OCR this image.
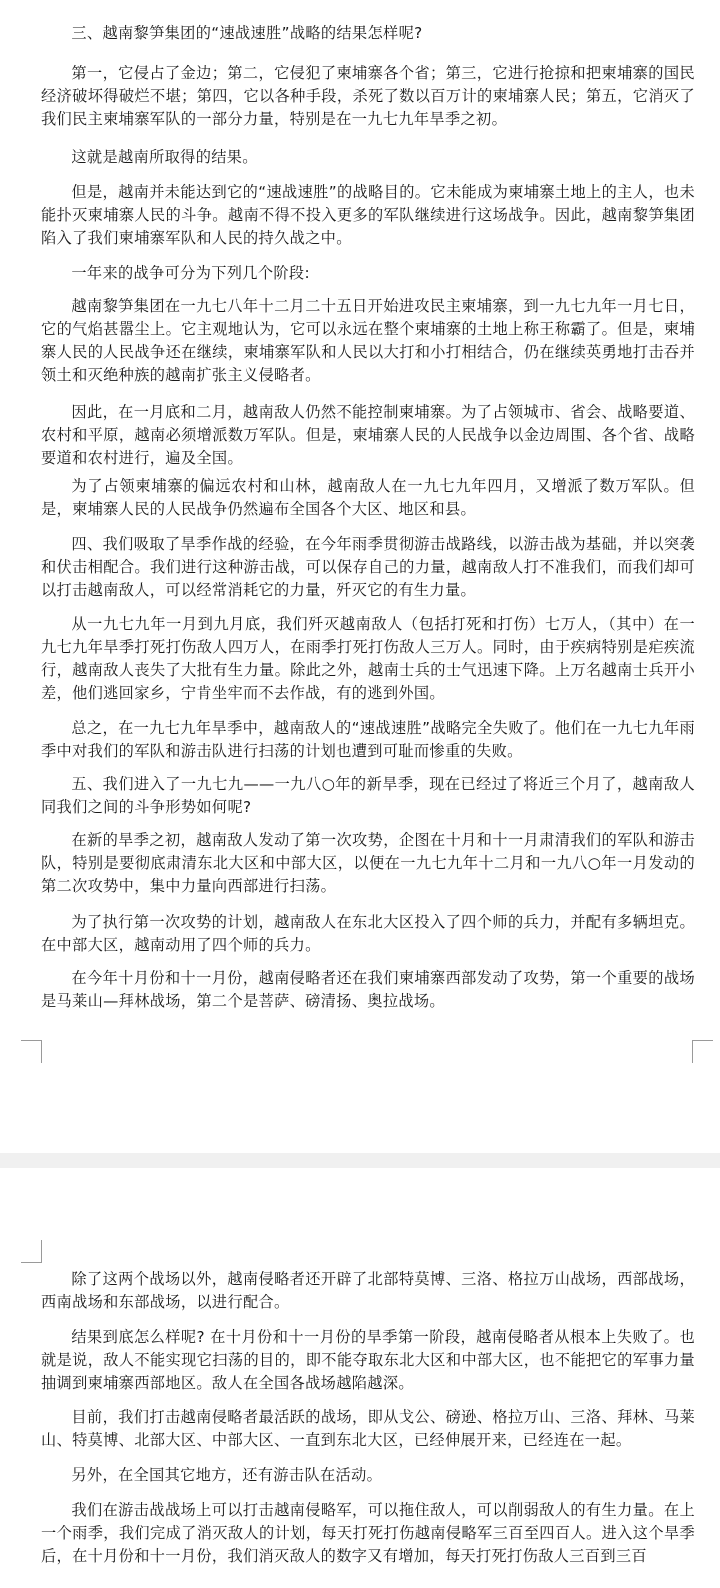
三、越南黎笋集团的“速战速胜”战略的结果怎样呢?

第一，它侵占了金边；第二，它侵犯了柬埔寨各个省；第三，它进行抢掠和把柬埔寨的国民经济破坏得破烂不堪；第四，它以各种手段，杀死了数以百万计的柬埔寨人民；第五，它消灭了我们民主柬埔寨军队的一部分力量，特别是在一九七九年旱季之初。

这就是越南所取得的结果。

但是，越南并未能达到它的“速战速胜”的战略目的。它未能成为柬埔寨土地上的主人，也未能扑灭柬埔寨人民的斗争。越南不得不投入更多的军队继续进行这场战争。因此，越南黎笋集团陷入了我们柬埔寨军队和人民的持久战之中。

一年来的战争可分为下列几个阶段:

越南黎笋集团在一九七八年十二月二十五日开始进攻民主柬埔寨，到一九七九年一月七日，它的气焰甚嚣尘上。它主观地认为，它可以永远在整个柬埔寨的土地上称王称霸了。但是，柬埔寨人民的人民战争还在继续，柬埔寨军队和人民以大打和小打相结合，仍在继续英勇地打击吞并领土和灭绝种族的越南扩张主义侵略者。

因此，在一月底和二月，越南敌人仍然不能控制柬埔寨。为了占领城市、省会、战略要道、农村和平原，越南必须增派数万军队。但是，柬埔寨人民的人民战争以金边周围、各个省、战略要道和农村进行，遍及全国。

为了占领柬埔寨的偏远农村和山林，越南敌人在一九七九年四月，又增派了数万军队。但是，柬埔寨人民的人民战争仍然遍布全国各个大区、地区和县。

四、我们吸取了旱季作战的经验，在今年雨季贯彻游击战路线，以游击战为基础，并以突袭和伏击相配合。我们进行这种游击战，可以保存自己的力量，越南敌人打不准我们，而我们却可以打击越南敌人，可以经常消耗它的力量，歼灭它的有生力量。

从一九七九年一月到九月底，我们歼灭越南敌人（包括打死和打伤）七万人，（其中）在一九七九年旱季打死打伤敌人四万人，在雨季打死打伤敌人三万人。同时，由于疾病特别是疟疾流行，越南敌人丧失了大批有生力量。除此之外，越南士兵的士气迅速下降。上万名越南士兵开小差，他们逃回家乡，宁肯坐牢而不去作战，有的逃到外国。

总之，在一九七九年旱季中，越南敌人的“速战速胜”战略完全失败了。他们在一九七九年雨季中对我们的军队和游击队进行扫荡的计划也遭到可耻而惨重的失败。

五、我们进入了一九七九——一九八○年的新旱季，现在已经过了将近三个月了，越南敌人同我们之间的斗争形势如何呢?

在新的旱季之初，越南敌人发动了第一次攻势，企图在十月和十一月肃清我们的军队和游击队，特别是要彻底肃清东北大区和中部大区，以便在一九七九年十二月和一九八○年一月发动的第二次攻势中，集中力量向西部进行扫荡。

为了执行第一次攻势的计划，越南敌人在东北大区投入了四个师的兵力，并配有多辆坦克。在中部大区，越南动用了四个师的兵力。

在今年十月份和十一月份，越南侵略者还在我们柬埔寨西部发动了攻势，第一个重要的战场是马莱山—拜林战场，第二个是菩萨、磅清扬、奥拉战场。

除了这两个战场以外，越南侵略者还开辟了北部特莫博、三洛、格拉万山战场，西部战场，西南战场和东部战场，以进行配合。

结果到底怎么样呢? 在十月份和十一月份的旱季第一阶段，越南侵略者从根本上失败了。也就是说，敌人不能实现它扫荡的目的，即不能夺取东北大区和中部大区，也不能把它的军事力量抽调到柬埔寨西部地区。敌人在全国各战场越陷越深。

目前，我们打击越南侵略者最活跃的战场，即从戈公、磅逊、格拉万山、三洛、拜林、马莱山、特莫博、北部大区、中部大区、一直到东北大区，已经伸展开来，已经连在一起。

另外，在全国其它地方，还有游击队在活动。

我们在游击战战场上可以打击越南侵略军，可以拖住敌人，可以削弱敌人的有生力量。在上一个雨季，我们完成了消灭敌人的计划，每天打死打伤越南侵略军三百至四百人。进入这个旱季后，在十月份和十一月份，我们消灭敌人的数字又有增加，每天打死打伤敌人三百到三百
